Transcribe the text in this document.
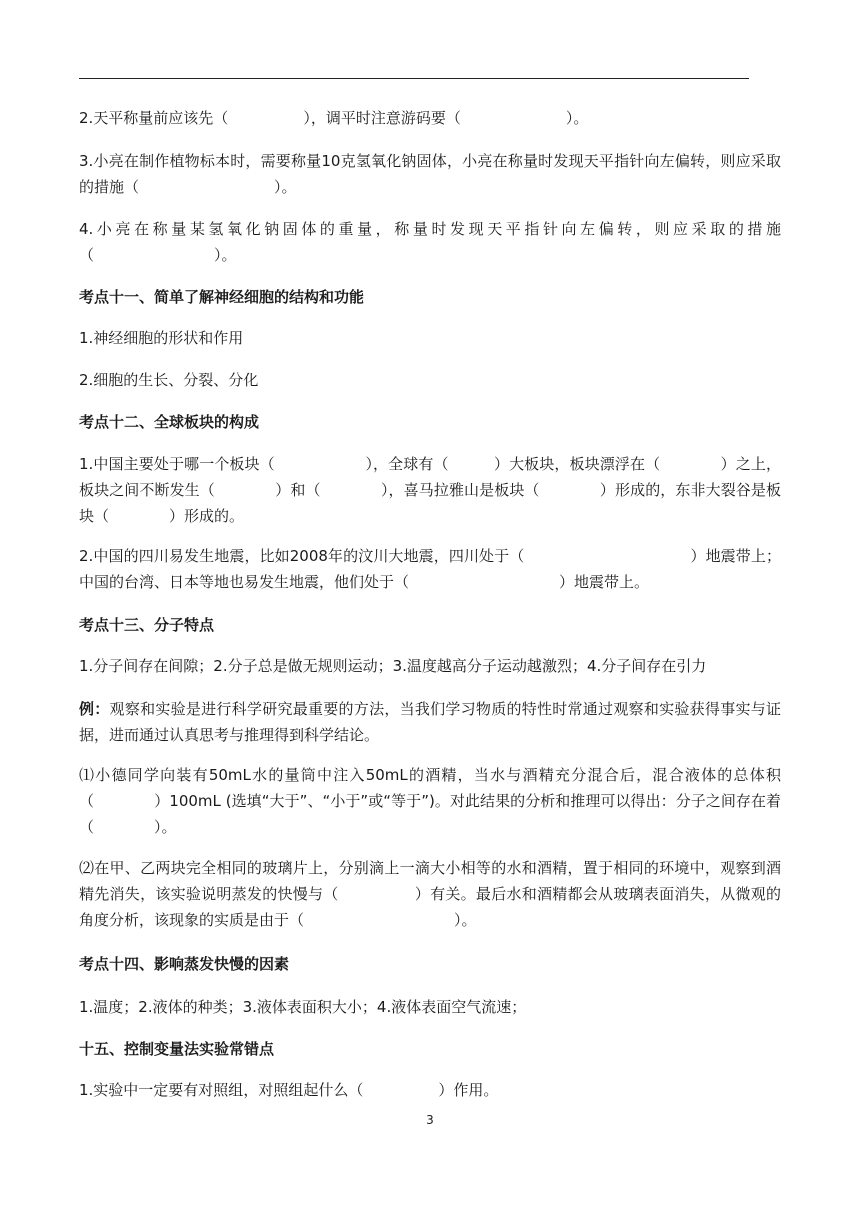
2.天平称量前应该先（　　　　　），调平时注意游码要（　　　　　　　）。
3.小亮在制作植物标本时，需要称量10克氢氧化钠固体，小亮在称量时发现天平指针向左偏转，则应采取的措施（　　　　　　　　　）。
4.小亮在称量某氢氧化钠固体的重量，称量时发现天平指针向左偏转，则应采取的措施（　　　　　　　　）。
考点十一、简单了解神经细胞的结构和功能
1.神经细胞的形状和作用
2.细胞的生长、分裂、分化
考点十二、全球板块的构成
1.中国主要处于哪一个板块（　　　　　　），全球有（　　　）大板块，板块漂浮在（　　　　）之上，板块之间不断发生（　　　　）和（　　　　），喜马拉雅山是板块（　　　　）形成的，东非大裂谷是板块（　　　　）形成的。
2.中国的四川易发生地震，比如2008年的汶川大地震，四川处于（　　　　　　　　　　　）地震带上；中国的台湾、日本等地也易发生地震，他们处于（　　　　　　　　　　）地震带上。
考点十三、分子特点
1.分子间存在间隙；2.分子总是做无规则运动；3.温度越高分子运动越激烈；4.分子间存在引力
例：观察和实验是进行科学研究最重要的方法，当我们学习物质的特性时常通过观察和实验获得事实与证据，进而通过认真思考与推理得到科学结论。
⑴小德同学向装有50mL水的量筒中注入50mL的酒精，当水与酒精充分混合后，混合液体的总体积（　　　　）100mL (选填“大于”、“小于”或“等于”)。对此结果的分析和推理可以得出：分子之间存在着（　　　　）。
⑵在甲、乙两块完全相同的玻璃片上，分别滴上一滴大小相等的水和酒精，置于相同的环境中，观察到酒精先消失，该实验说明蒸发的快慢与（　　　　　）有关。最后水和酒精都会从玻璃表面消失，从微观的角度分析，该现象的实质是由于（　　　　　　　　　　）。
考点十四、影响蒸发快慢的因素
1.温度；2.液体的种类；3.液体表面积大小；4.液体表面空气流速；
十五、控制变量法实验常错点
1.实验中一定要有对照组，对照组起什么（　　　　　）作用。
3
